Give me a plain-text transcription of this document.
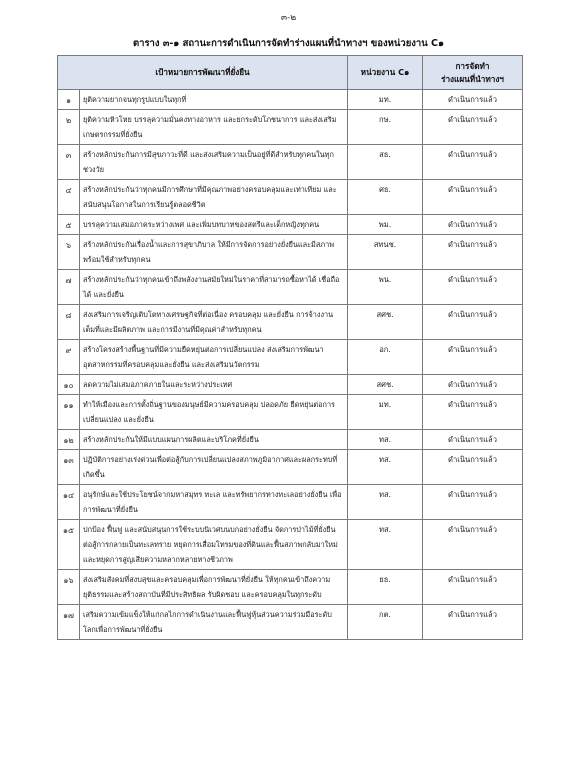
๓-๒
ตาราง ๓-๑ สถานะการดำเนินการจัดทำร่างแผนที่นำทางฯ ของหน่วยงาน C๑
เป้าหมายการพัฒนาที่ยั่งยืน		หน่วยงาน C๑	การจัดทำ
ร่างแผนที่นำทางฯ
๑	ยุติความยากจนทุกรูปแบบในทุกที่	มท.	ดำเนินการแล้ว
๒	ยุติความหิวโหย บรรลุความมั่นคงทางอาหาร และยกระดับโภชนาการ และส่งเสริมเกษตรกรรมที่ยั่งยืน	กษ.	ดำเนินการแล้ว
๓	สร้างหลักประกันการมีสุขภาวะที่ดี และส่งเสริมความเป็นอยู่ที่ดีสำหรับทุกคนในทุกช่วงวัย	สธ.	ดำเนินการแล้ว
๔	สร้างหลักประกันว่าทุกคนมีการศึกษาที่มีคุณภาพอย่างครอบคลุมและเท่าเทียม และสนับสนุนโอกาสในการเรียนรู้ตลอดชีวิต	ศธ.	ดำเนินการแล้ว
๕	บรรลุความเสมอภาคระหว่างเพศ และเพิ่มบทบาทของสตรีและเด็กหญิงทุกคน	พม.	ดำเนินการแล้ว
๖	สร้างหลักประกันเรื่องน้ำและการสุขาภิบาล ให้มีการจัดการอย่างยั่งยืนและมีสภาพพร้อมใช้สำหรับทุกคน	สทนช.	ดำเนินการแล้ว
๗	สร้างหลักประกันว่าทุกคนเข้าถึงพลังงานสมัยใหม่ในราคาที่สามารถซื้อหาได้ เชื่อถือได้ และยั่งยืน	พน.	ดำเนินการแล้ว
๘	ส่งเสริมการเจริญเติบโตทางเศรษฐกิจที่ต่อเนื่อง ครอบคลุม และยั่งยืน การจ้างงานเต็มที่และมีผลิตภาพ และการมีงานที่มีคุณค่าสำหรับทุกคน	สศช.	ดำเนินการแล้ว
๙	สร้างโครงสร้างพื้นฐานที่มีความยืดหยุ่นต่อการเปลี่ยนแปลง ส่งเสริมการพัฒนาอุตสาหกรรมที่ครอบคลุมและยั่งยืน และส่งเสริมนวัตกรรม	อก.	ดำเนินการแล้ว
๑๐	ลดความไม่เสมอภาคภายในและระหว่างประเทศ	สศช.	ดำเนินการแล้ว
๑๑	ทำให้เมืองและการตั้งถิ่นฐานของมนุษย์มีความครอบคลุม ปลอดภัย ยืดหยุ่นต่อการเปลี่ยนแปลง และยั่งยืน	มท.	ดำเนินการแล้ว
๑๒	สร้างหลักประกันให้มีแบบแผนการผลิตและบริโภคที่ยั่งยืน	ทส.	ดำเนินการแล้ว
๑๓	ปฏิบัติการอย่างเร่งด่วนเพื่อต่อสู้กับการเปลี่ยนแปลงสภาพภูมิอากาศและผลกระทบที่เกิดขึ้น	ทส.	ดำเนินการแล้ว
๑๔	อนุรักษ์และใช้ประโยชน์จากมหาสมุทร ทะเล และทรัพยากรทางทะเลอย่างยั่งยืน เพื่อการพัฒนาที่ยั่งยืน	ทส.	ดำเนินการแล้ว
๑๕	ปกป้อง ฟื้นฟู และสนับสนุนการใช้ระบบนิเวศบนบกอย่างยั่งยืน จัดการป่าไม้ที่ยั่งยืน ต่อสู้การกลายเป็นทะเลทราย หยุดการเสื่อมโทรมของที่ดินและฟื้นสภาพกลับมาใหม่ และหยุดการสูญเสียความหลากหลายทางชีวภาพ	ทส.	ดำเนินการแล้ว
๑๖	ส่งเสริมสังคมที่สงบสุขและครอบคลุมเพื่อการพัฒนาที่ยั่งยืน ให้ทุกคนเข้าถึงความยุติธรรมและสร้างสถาบันที่มีประสิทธิผล รับผิดชอบ และครอบคลุมในทุกระดับ	ยธ.	ดำเนินการแล้ว
๑๗	เสริมความเข้มแข็งให้แก่กลไกการดำเนินงานและฟื้นฟูหุ้นส่วนความร่วมมือระดับโลกเพื่อการพัฒนาที่ยั่งยืน	กต.	ดำเนินการแล้ว
